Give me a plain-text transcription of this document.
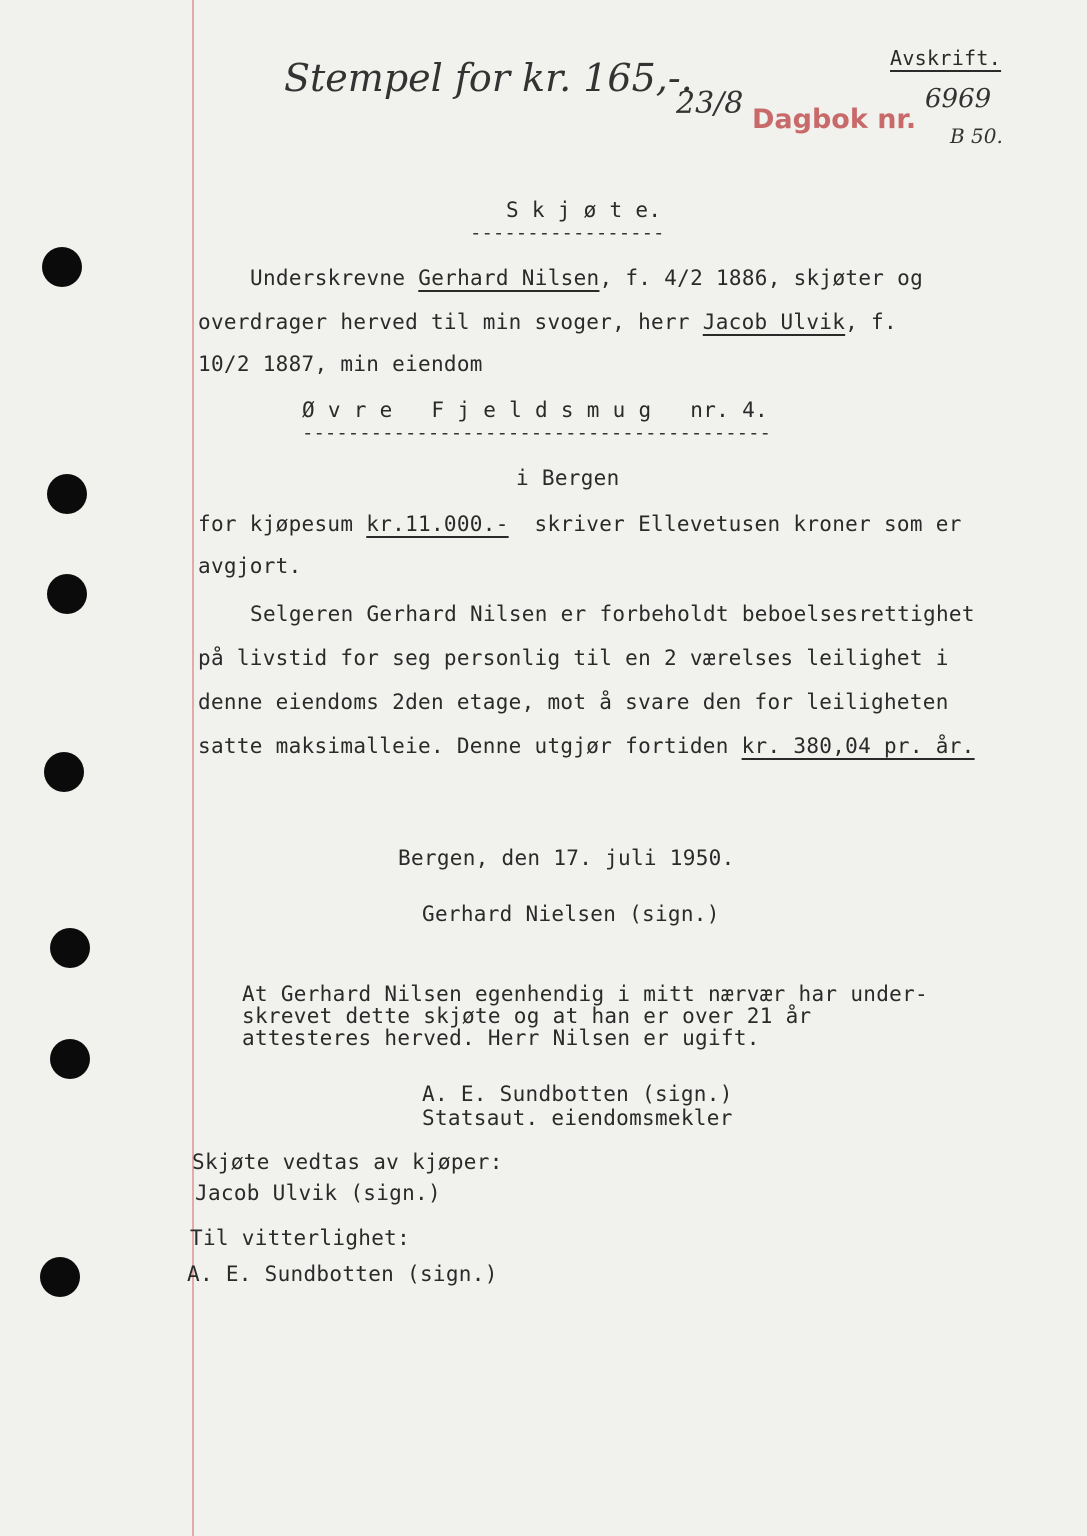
Avskrift.
Stempel for kr. 165,-.
23/8 Dagbok nr.
6969
B 50.
S k j ø t e.
-----------------
Underskrevne Gerhard Nilsen, f. 4/2 1886, skjøter og
overdrager herved til min svoger, herr Jacob Ulvik, f.
10/2 1887, min eiendom
Ø v r e   F j e l d s m u g   nr. 4.
-----------------------------------------
i Bergen
for kjøpesum kr.11.000.-  skriver Ellevetusen kroner som er
avgjort.
Selgeren Gerhard Nilsen er forbeholdt beboelsesrettighet
på livstid for seg personlig til en 2 værelses leilighet i
denne eiendoms 2den etage, mot å svare den for leiligheten
satte maksimalleie. Denne utgjør fortiden kr. 380,04 pr. år.
Bergen, den 17. juli 1950.
Gerhard Nielsen (sign.)
At Gerhard Nilsen egenhendig i mitt nærvær har under-
skrevet dette skjøte og at han er over 21 år
attesteres herved. Herr Nilsen er ugift.
A. E. Sundbotten (sign.)
Statsaut. eiendomsmekler
Skjøte vedtas av kjøper:
Jacob Ulvik (sign.)
Til vitterlighet:
A. E. Sundbotten (sign.)
